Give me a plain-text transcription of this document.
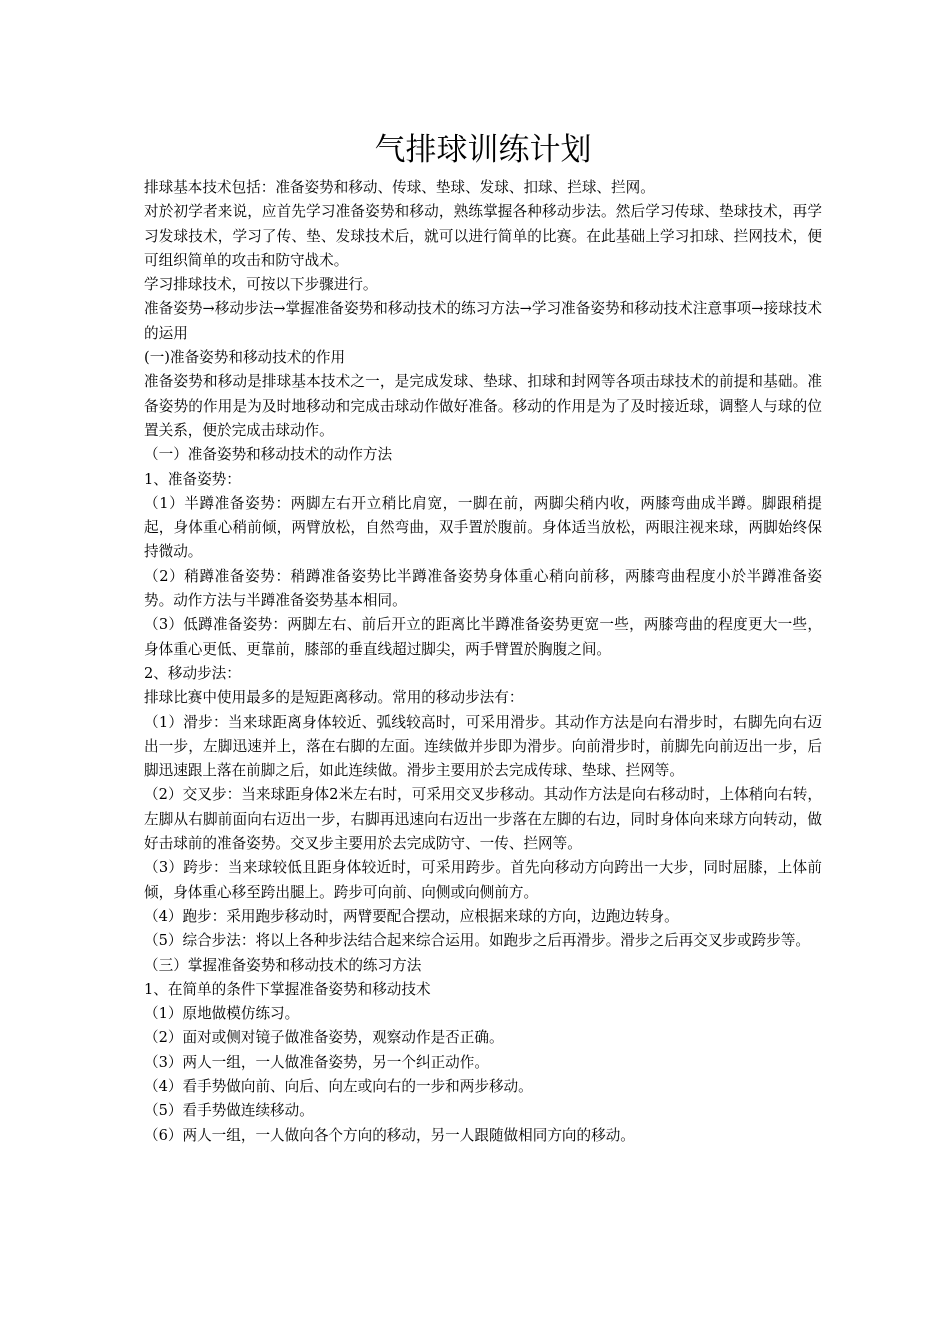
气排球训练计划

排球基本技术包括：准备姿势和移动、传球、垫球、发球、扣球、拦球、拦网。

对於初学者来说，应首先学习准备姿势和移动，熟练掌握各种移动步法。然后学习传球、垫球技术，再学习发球技术，学习了传、垫、发球技术后，就可以进行简单的比赛。在此基础上学习扣球、拦网技术，便可组织简单的攻击和防守战术。

学习排球技术，可按以下步骤进行。

准备姿势→移动步法→掌握准备姿势和移动技术的练习方法→学习准备姿势和移动技术注意事项→接球技术的运用

(一)准备姿势和移动技术的作用

准备姿势和移动是排球基本技术之一，是完成发球、垫球、扣球和封网等各项击球技术的前提和基础。准备姿势的作用是为及时地移动和完成击球动作做好准备。移动的作用是为了及时接近球，调整人与球的位置关系，便於完成击球动作。

（一）准备姿势和移动技术的动作方法

1、准备姿势：

（1）半蹲准备姿势：两脚左右开立稍比肩宽，一脚在前，两脚尖稍内收，两膝弯曲成半蹲。脚跟稍提起，身体重心稍前倾，两臂放松，自然弯曲，双手置於腹前。身体适当放松，两眼注视来球，两脚始终保持微动。

（2）稍蹲准备姿势：稍蹲准备姿势比半蹲准备姿势身体重心稍向前移，两膝弯曲程度小於半蹲准备姿势。动作方法与半蹲准备姿势基本相同。

（3）低蹲准备姿势：两脚左右、前后开立的距离比半蹲准备姿势更宽一些，两膝弯曲的程度更大一些，身体重心更低、更靠前，膝部的垂直线超过脚尖，两手臂置於胸腹之间。

2、移动步法：

排球比赛中使用最多的是短距离移动。常用的移动步法有：

（1）滑步：当来球距离身体较近、弧线较高时，可采用滑步。其动作方法是向右滑步时，右脚先向右迈出一步，左脚迅速并上，落在右脚的左面。连续做并步即为滑步。向前滑步时，前脚先向前迈出一步，后脚迅速跟上落在前脚之后，如此连续做。滑步主要用於去完成传球、垫球、拦网等。

（2）交叉步：当来球距身体2米左右时，可采用交叉步移动。其动作方法是向右移动时，上体稍向右转，左脚从右脚前面向右迈出一步，右脚再迅速向右迈出一步落在左脚的右边，同时身体向来球方向转动，做好击球前的准备姿势。交叉步主要用於去完成防守、一传、拦网等。

（3）跨步：当来球较低且距身体较近时，可采用跨步。首先向移动方向跨出一大步，同时屈膝，上体前倾，身体重心移至跨出腿上。跨步可向前、向侧或向侧前方。

（4）跑步：采用跑步移动时，两臂要配合摆动，应根据来球的方向，边跑边转身。

（5）综合步法：将以上各种步法结合起来综合运用。如跑步之后再滑步。滑步之后再交叉步或跨步等。

（三）掌握准备姿势和移动技术的练习方法

1、在简单的条件下掌握准备姿势和移动技术

（1）原地做模仿练习。

（2）面对或侧对镜子做准备姿势，观察动作是否正确。

（3）两人一组，一人做准备姿势，另一个纠正动作。

（4）看手势做向前、向后、向左或向右的一步和两步移动。

（5）看手势做连续移动。

（6）两人一组，一人做向各个方向的移动，另一人跟随做相同方向的移动。
